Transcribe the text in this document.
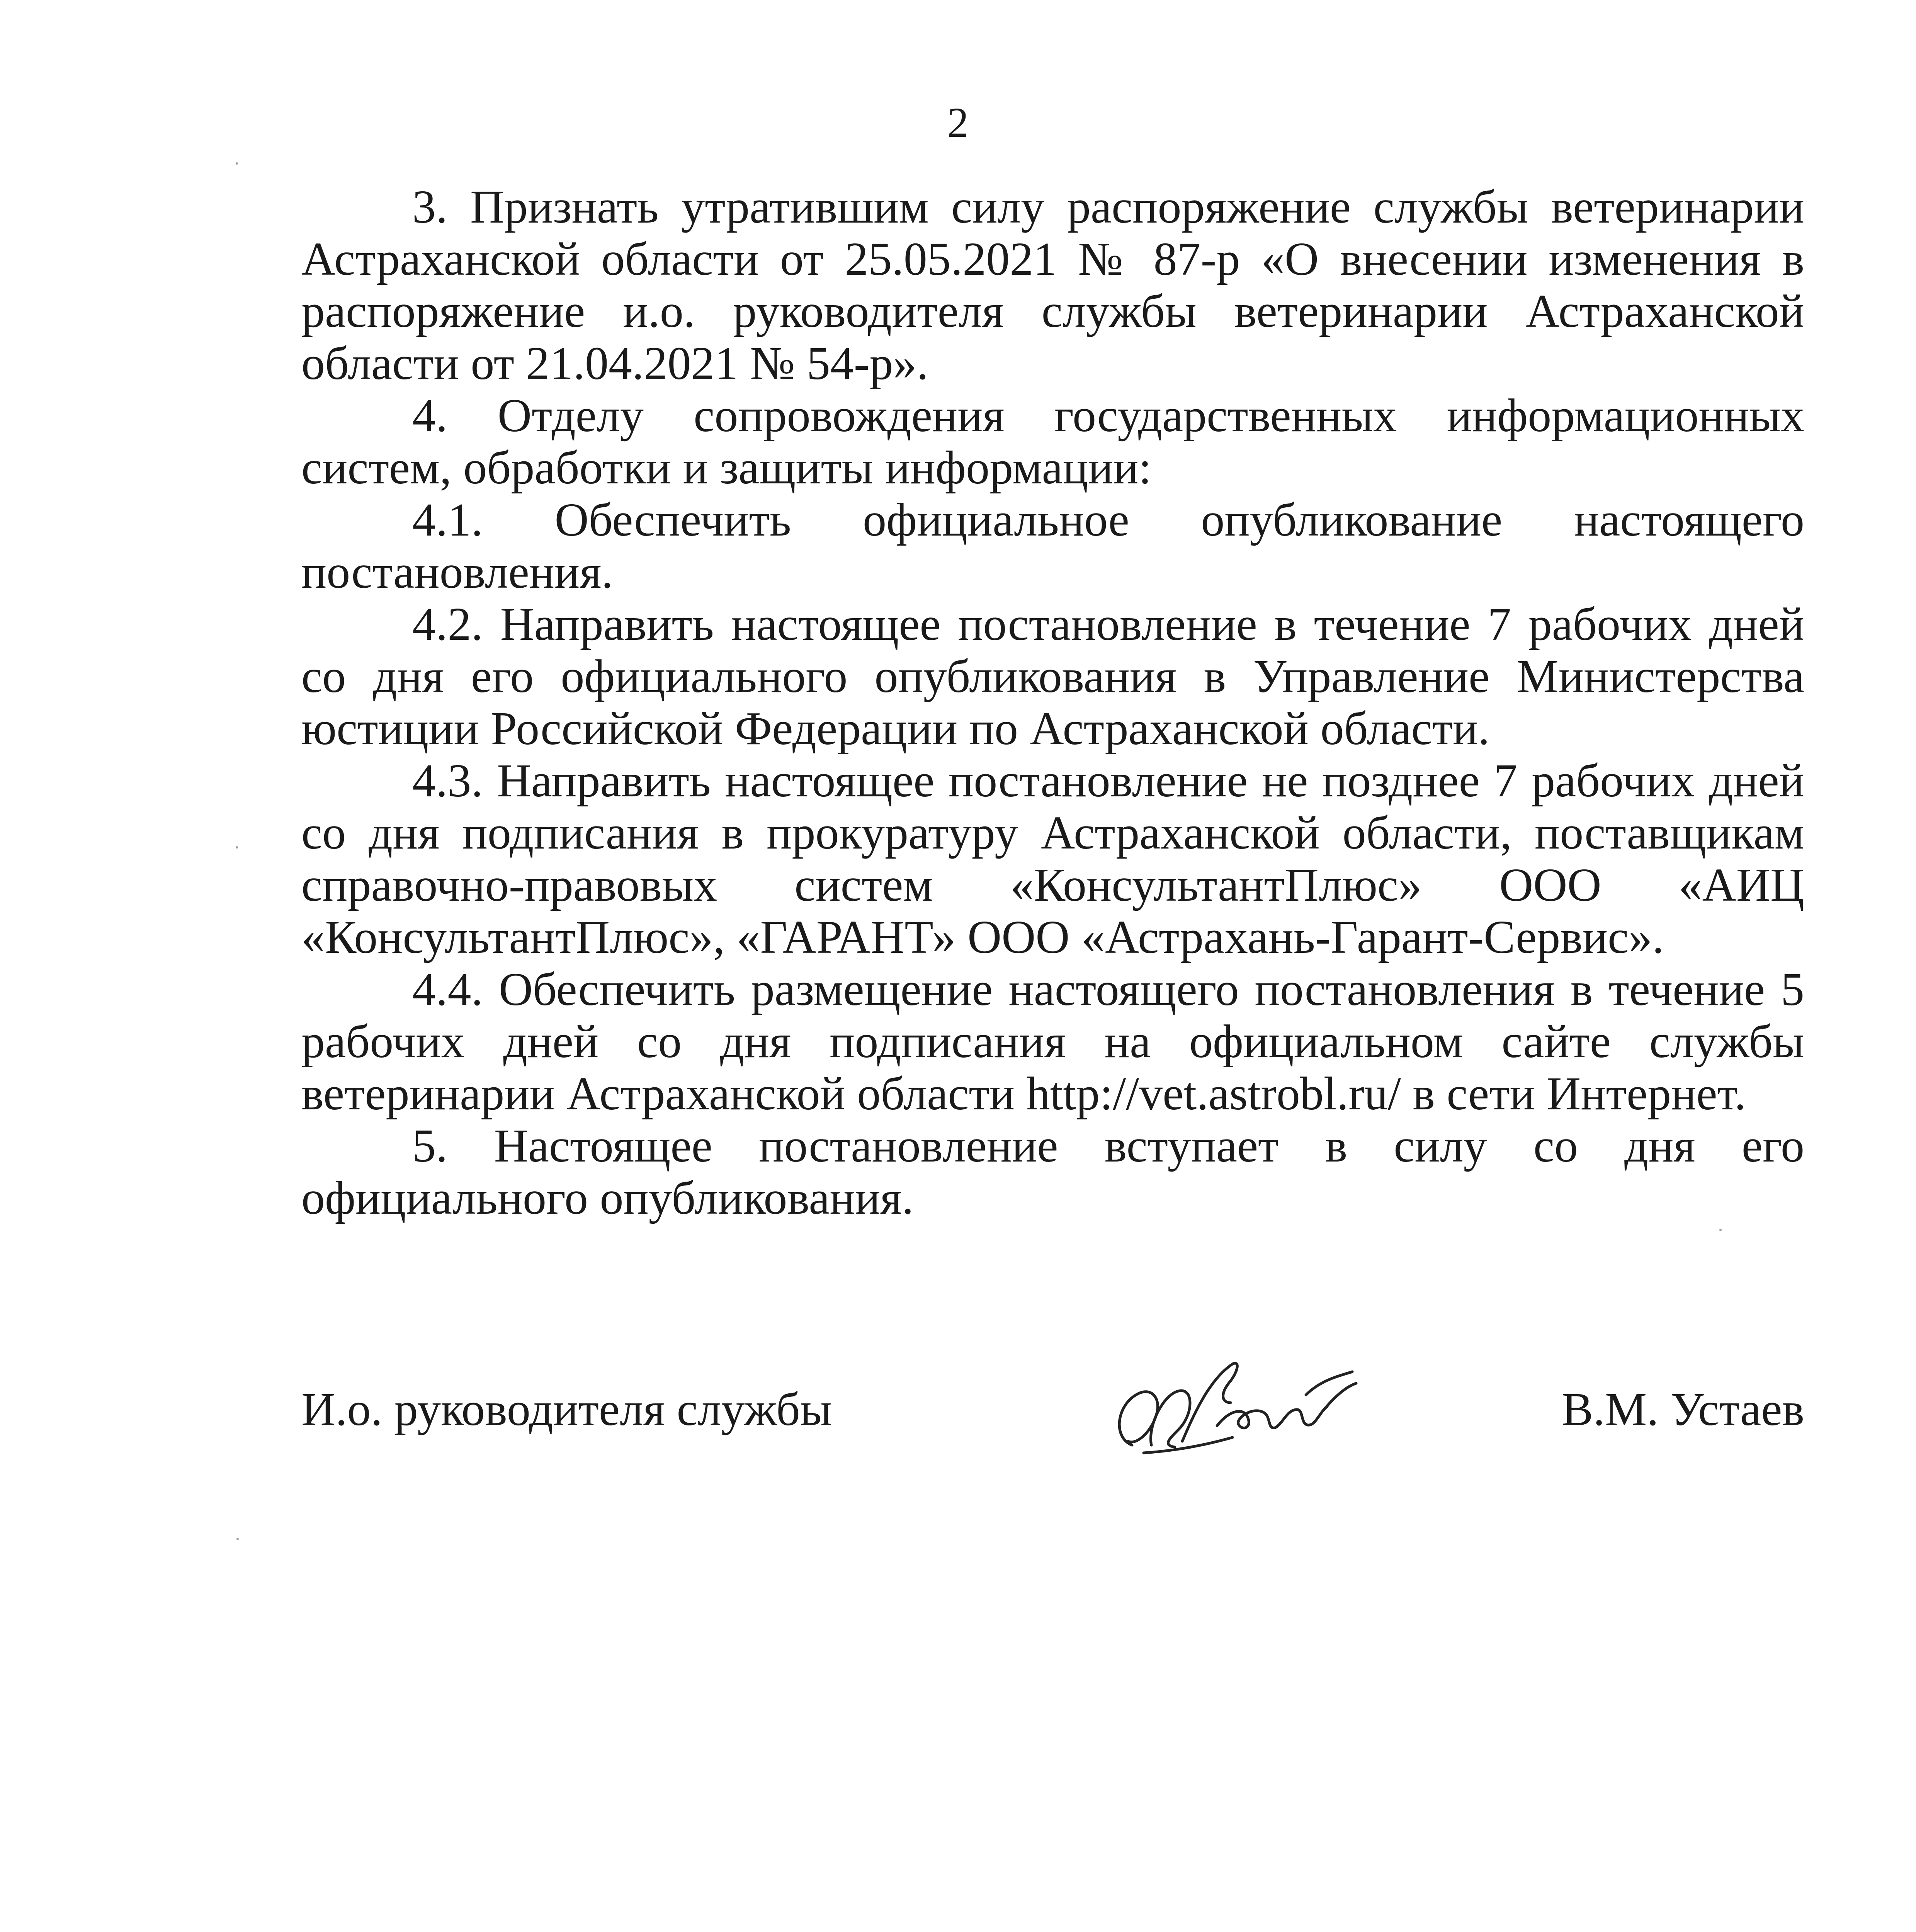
2

3. Признать утратившим силу распоряжение службы ветеринарии Астраханской области от 25.05.2021 № 87-р «О внесении изменения в распоряжение и.о. руководителя службы ветеринарии Астраханской области от 21.04.2021 № 54-р».

4. Отделу сопровождения государственных информационных систем, обработки и защиты информации:

4.1. Обеспечить официальное опубликование настоящего постановления.

4.2. Направить настоящее постановление в течение 7 рабочих дней со дня его официального опубликования в Управление Министерства юстиции Российской Федерации по Астраханской области.

4.3. Направить настоящее постановление не позднее 7 рабочих дней со дня подписания в прокуратуру Астраханской области, поставщикам справочно-правовых систем «КонсультантПлюс» ООО «АИЦ «КонсультантПлюс», «ГАРАНТ» ООО «Астрахань-Гарант-Сервис».

4.4. Обеспечить размещение настоящего постановления в течение 5 рабочих дней со дня подписания на официальном сайте службы ветеринарии Астраханской области http://vet.astrobl.ru/ в сети Интернет.

5. Настоящее постановление вступает в силу со дня его официального опубликования.

И.о. руководителя службы	В.М. Устаев
